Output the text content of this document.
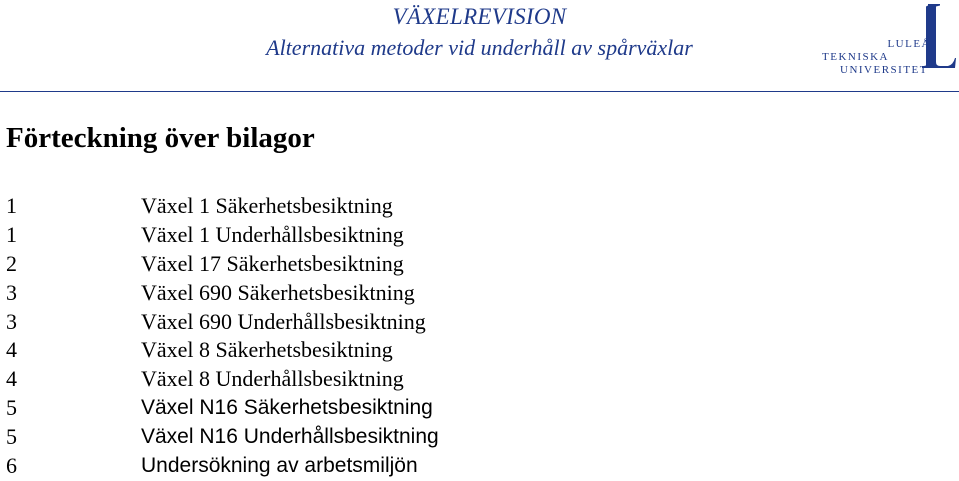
VÄXELREVISION
Alternativa metoder vid underhåll av spårväxlar	LULEÅ
TEKNISKA
UNIVERSITET
Förteckning över bilagor
1	Växel 1 Säkerhetsbesiktning
1	Växel 1 Underhållsbesiktning
2	Växel 17 Säkerhetsbesiktning
3	Växel 690 Säkerhetsbesiktning
3	Växel 690 Underhållsbesiktning
4	Växel 8 Säkerhetsbesiktning
4	Växel 8 Underhållsbesiktning
5	Växel N16 Säkerhetsbesiktning
5	Växel N16 Underhållsbesiktning
6	Undersökning av arbetsmiljön
